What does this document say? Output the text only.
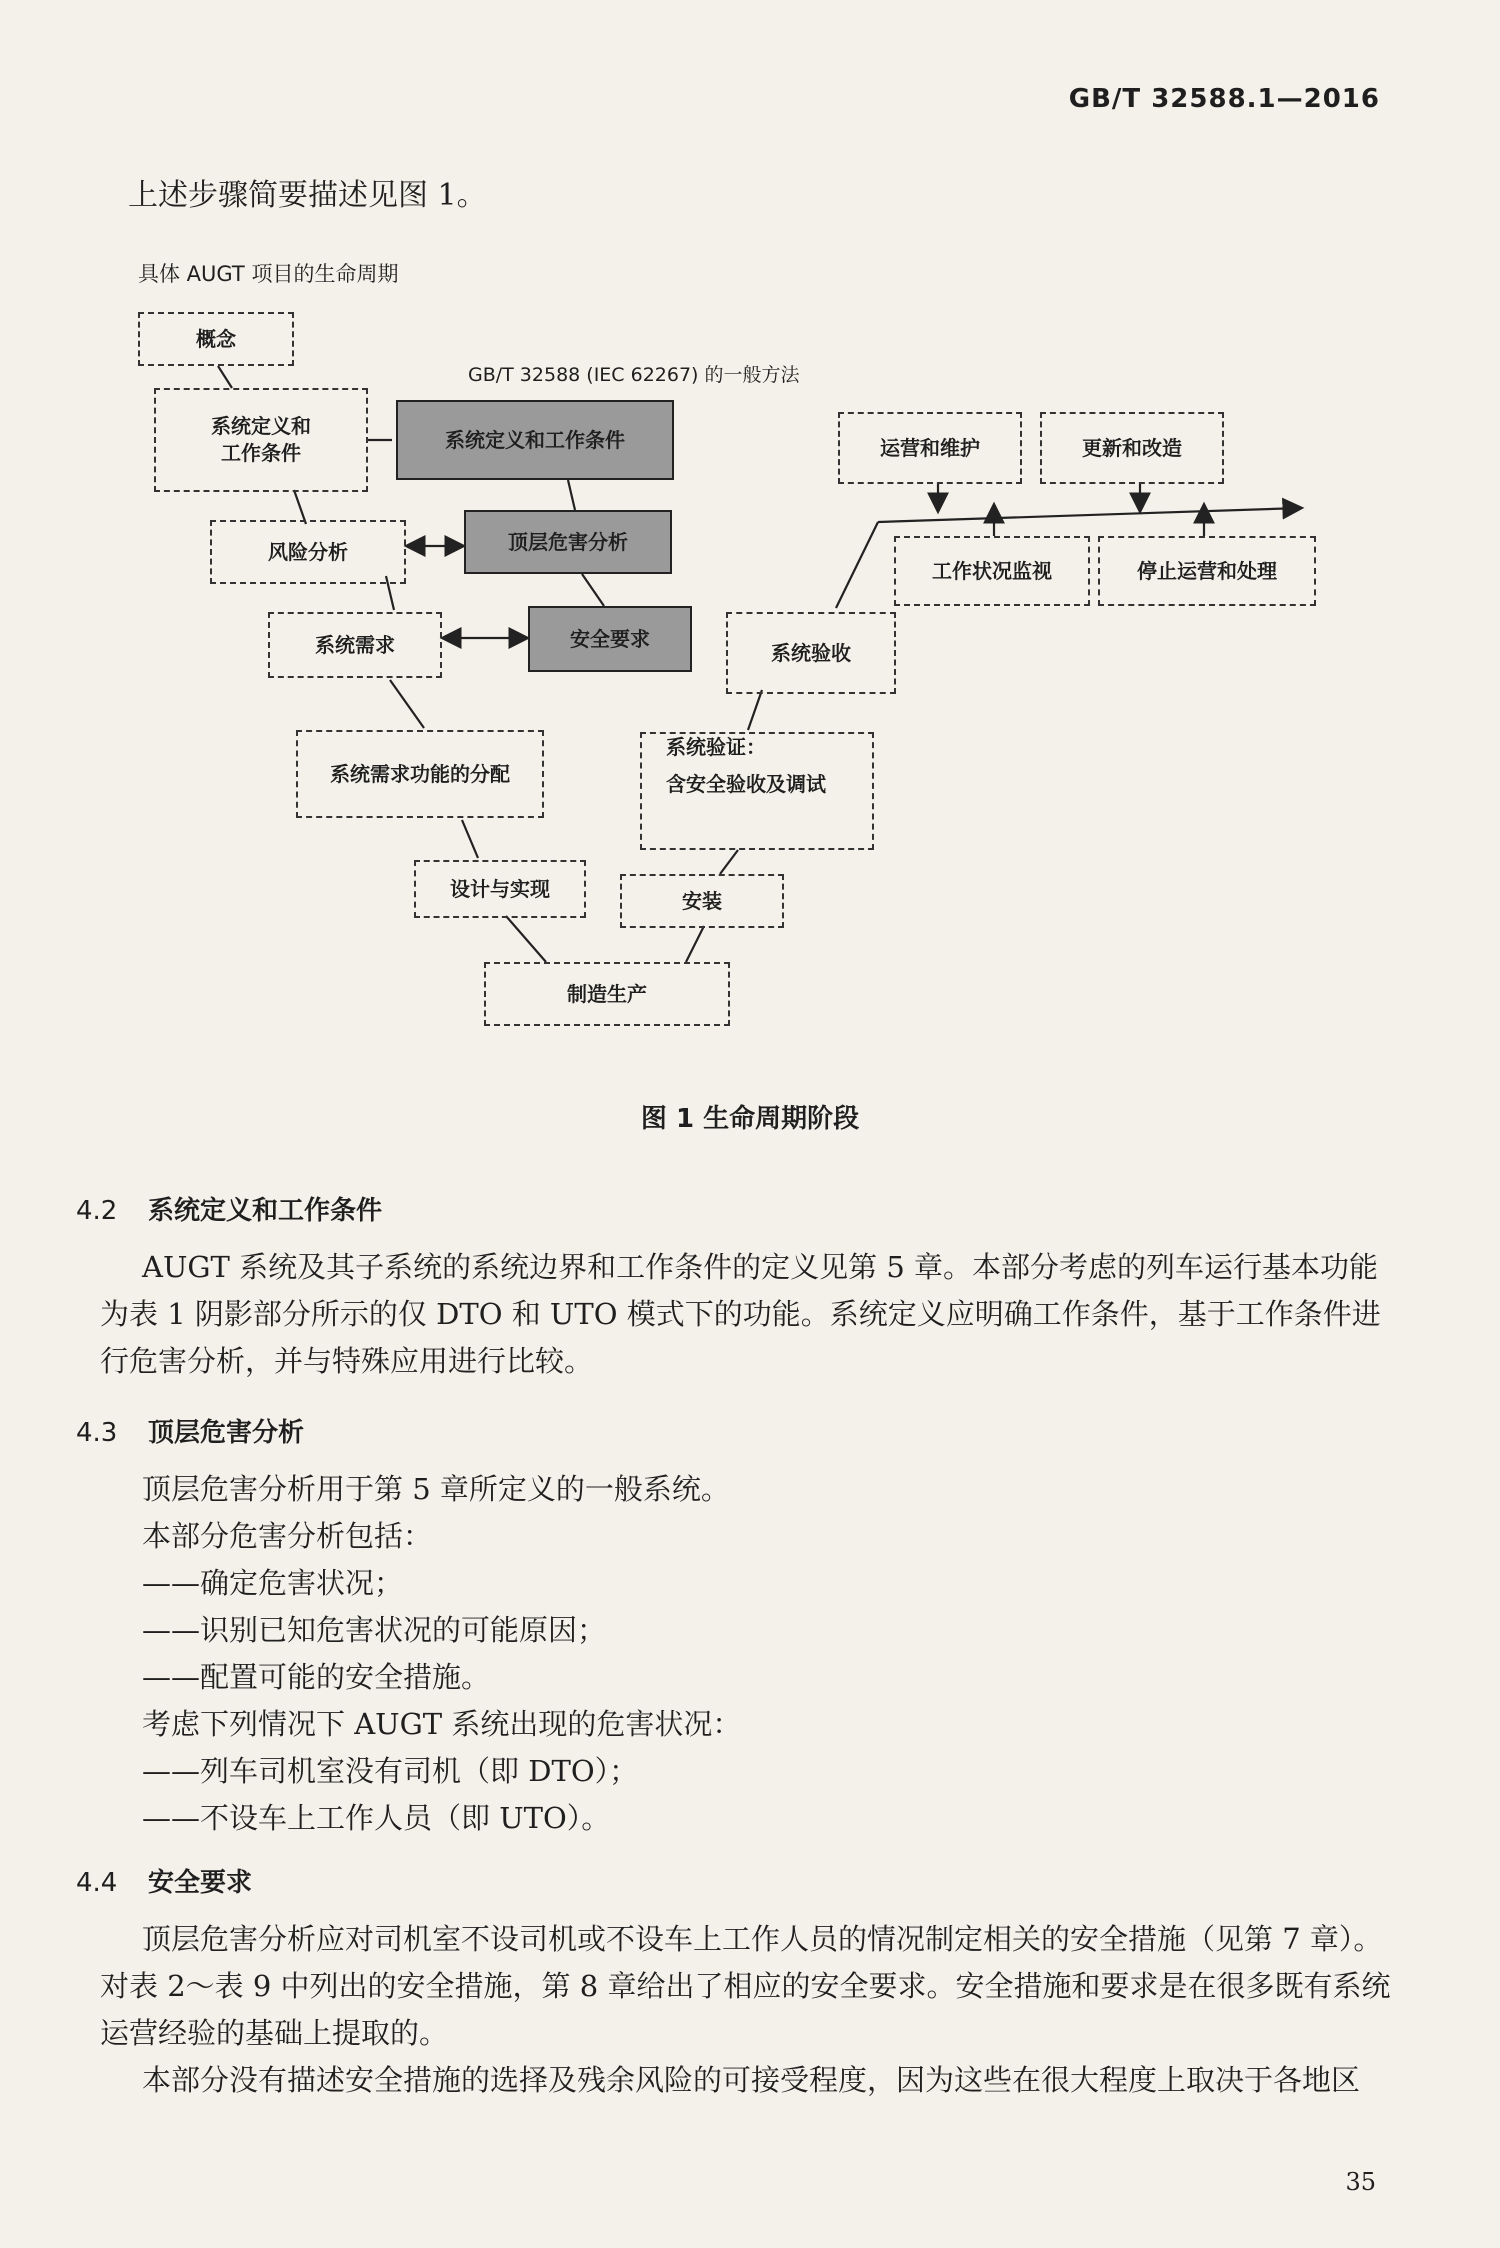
GB/T 32588.1—2016
上述步骤简要描述见图 1。
具体 AUGT 项目的生命周期
GB/T 32588 (IEC 62267) 的一般方法
概念
系统定义和
工作条件
系统定义和工作条件
风险分析	顶层危害分析
系统需求	安全要求
系统需求功能的分配
设计与实现
制造生产
安装
系统验证：
含安全验收及调试
系统验收
运营和维护	更新和改造
工作状况监视	停止运营和处理
图 1 生命周期阶段
4.2 系统定义和工作条件

AUGT 系统及其子系统的系统边界和工作条件的定义见第 5 章。本部分考虑的列车运行基本功能为表 1 阴影部分所示的仅 DTO 和 UTO 模式下的功能。系统定义应明确工作条件，基于工作条件进行危害分析，并与特殊应用进行比较。

4.3 顶层危害分析

顶层危害分析用于第 5 章所定义的一般系统。

本部分危害分析包括：

——确定危害状况；

——识别已知危害状况的可能原因；

——配置可能的安全措施。

考虑下列情况下 AUGT 系统出现的危害状况：

——列车司机室没有司机（即 DTO）；

——不设车上工作人员（即 UTO）。

4.4 安全要求

顶层危害分析应对司机室不设司机或不设车上工作人员的情况制定相关的安全措施（见第 7 章）。对表 2～表 9 中列出的安全措施，第 8 章给出了相应的安全要求。安全措施和要求是在很多既有系统运营经验的基础上提取的。

本部分没有描述安全措施的选择及残余风险的可接受程度，因为这些在很大程度上取决于各地区

35
